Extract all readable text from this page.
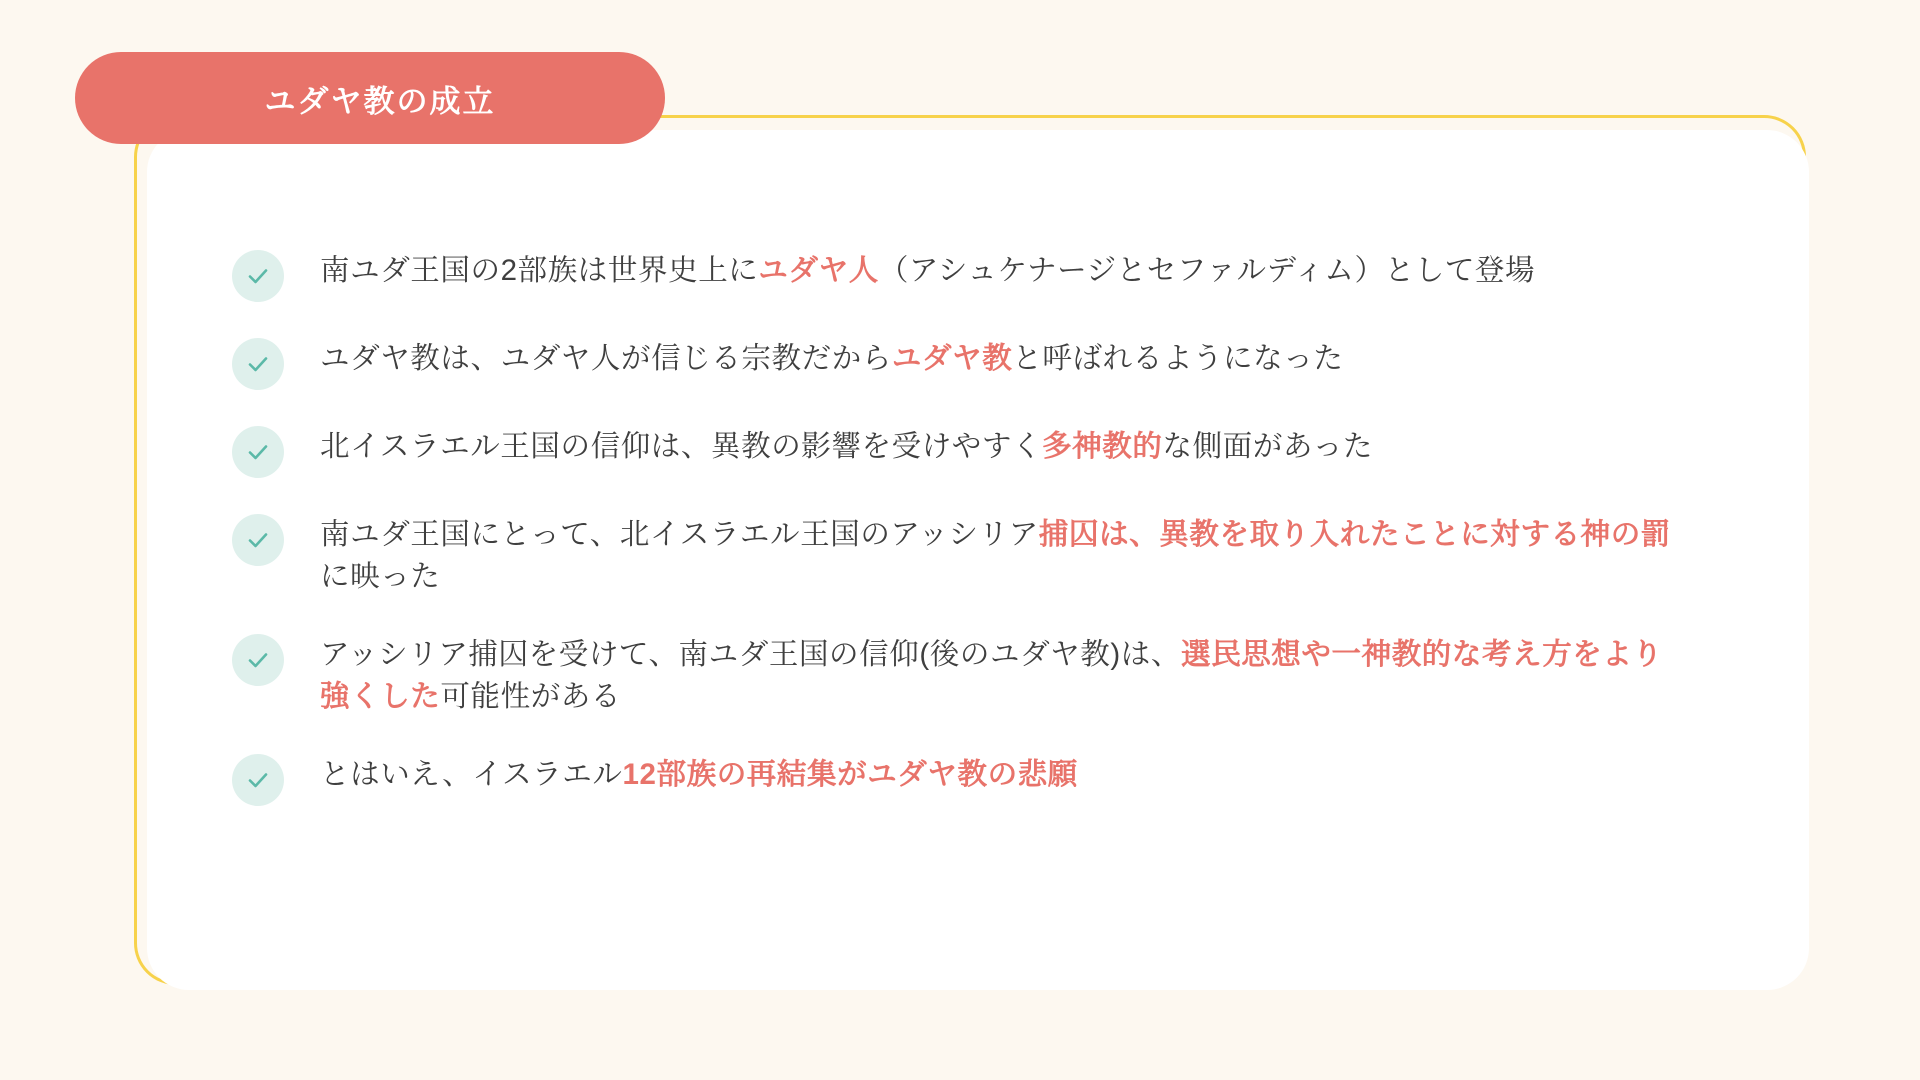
ユダヤ教の成立
南ユダ王国の2部族は世界史上にユダヤ人（アシュケナージとセファルディム）として登場
ユダヤ教は、ユダヤ人が信じる宗教だからユダヤ教と呼ばれるようになった
北イスラエル王国の信仰は、異教の影響を受けやすく多神教的な側面があった
南ユダ王国にとって、北イスラエル王国のアッシリア捕囚は、異教を取り入れたことに対する神の罰に映った
アッシリア捕囚を受けて、南ユダ王国の信仰(後のユダヤ教)は、選民思想や一神教的な考え方をより強くした可能性がある
とはいえ、イスラエル12部族の再結集がユダヤ教の悲願
